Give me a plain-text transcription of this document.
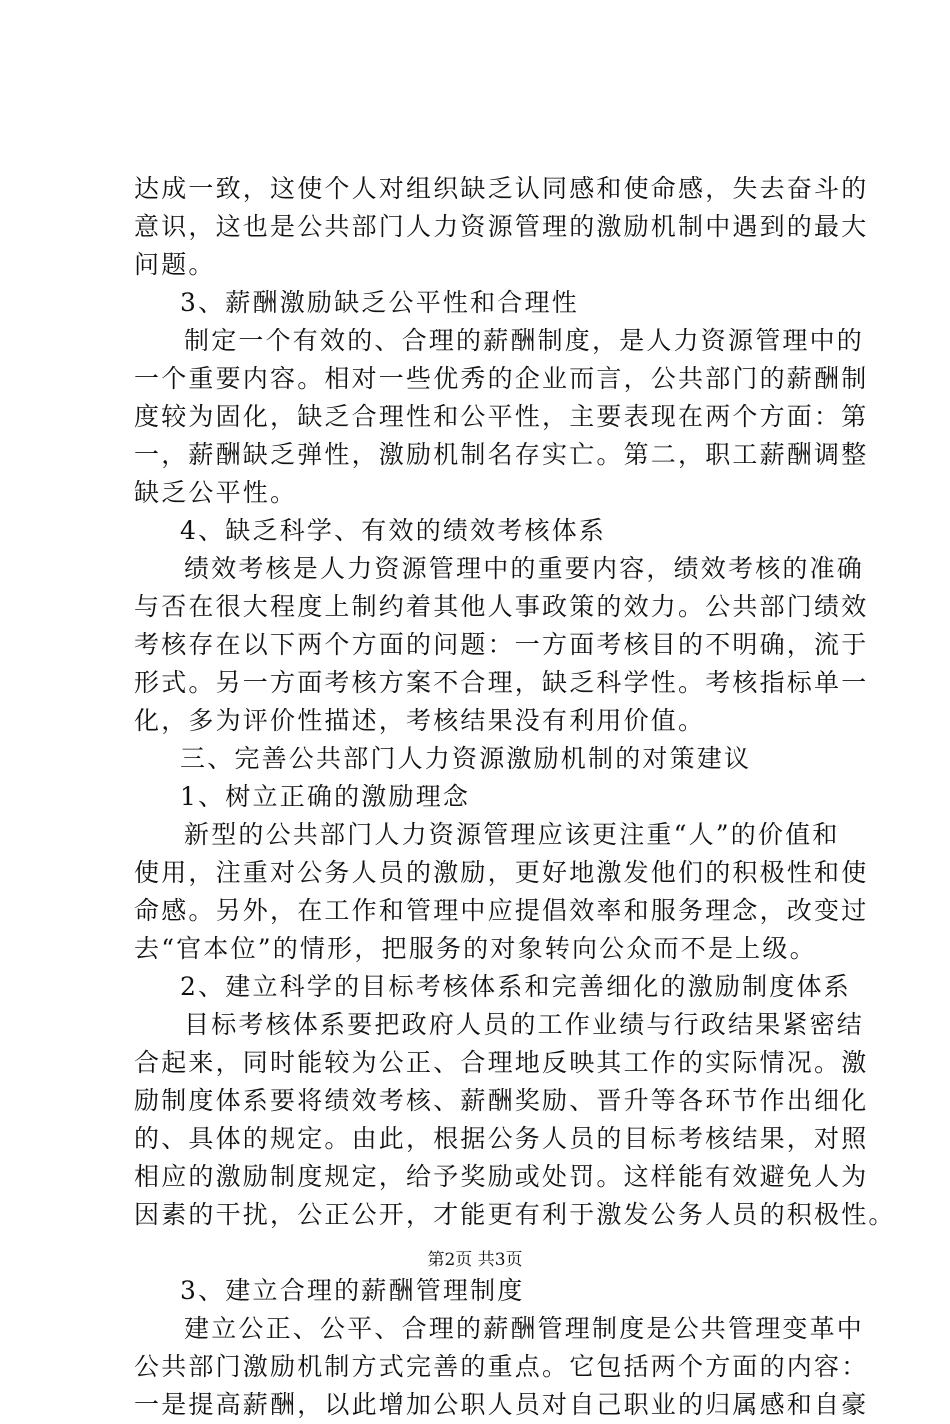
达成一致，这使个人对组织缺乏认同感和使命感，失去奋斗的
意识，这也是公共部门人力资源管理的激励机制中遇到的最大
问题。
3、薪酬激励缺乏公平性和合理性
制定一个有效的、合理的薪酬制度，是人力资源管理中的
一个重要内容。相对一些优秀的企业而言，公共部门的薪酬制
度较为固化，缺乏合理性和公平性，主要表现在两个方面：第
一，薪酬缺乏弹性，激励机制名存实亡。第二，职工薪酬调整
缺乏公平性。
4、缺乏科学、有效的绩效考核体系
绩效考核是人力资源管理中的重要内容，绩效考核的准确
与否在很大程度上制约着其他人事政策的效力。公共部门绩效
考核存在以下两个方面的问题：一方面考核目的不明确，流于
形式。另一方面考核方案不合理，缺乏科学性。考核指标单一
化，多为评价性描述，考核结果没有利用价值。
三、完善公共部门人力资源激励机制的对策建议
1、树立正确的激励理念
新型的公共部门人力资源管理应该更注重“人”的价值和
使用，注重对公务人员的激励，更好地激发他们的积极性和使
命感。另外，在工作和管理中应提倡效率和服务理念，改变过
去“官本位”的情形，把服务的对象转向公众而不是上级。
2、建立科学的目标考核体系和完善细化的激励制度体系
目标考核体系要把政府人员的工作业绩与行政结果紧密结
合起来，同时能较为公正、合理地反映其工作的实际情况。激
励制度体系要将绩效考核、薪酬奖励、晋升等各环节作出细化
的、具体的规定。由此，根据公务人员的目标考核结果，对照
相应的激励制度规定，给予奖励或处罚。这样能有效避免人为
因素的干扰，公正公开，才能更有利于激发公务人员的积极性。
3、建立合理的薪酬管理制度
建立公正、公平、合理的薪酬管理制度是公共管理变革中
公共部门激励机制方式完善的重点。它包括两个方面的内容：
一是提高薪酬，以此增加公职人员对自己职业的归属感和自豪
第2页 共3页
